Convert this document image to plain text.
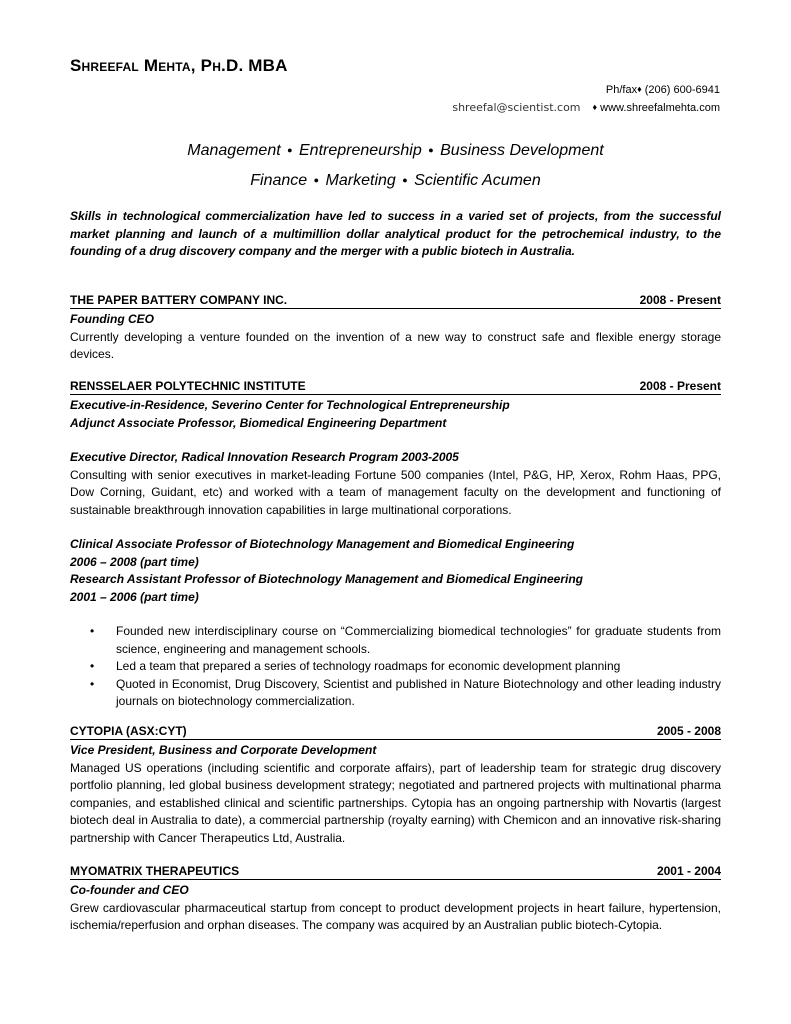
Shreefal Mehta, Ph.D. MBA
Ph/fax♦ (206) 600-6941
shreefal@scientist.com ♦ www.shreefalmehta.com
Management ● Entrepreneurship ● Business Development
Finance ● Marketing ● Scientific Acumen
Skills in technological commercialization have led to success in a varied set of projects, from the successful market planning and launch of a multimillion dollar analytical product for the petrochemical industry, to the founding of a drug discovery company and the merger with a public biotech in Australia.
THE PAPER BATTERY COMPANY INC.	2008 - Present
Founding CEO
Currently developing a venture founded on the invention of a new way to construct safe and flexible energy storage devices.
RENSSELAER POLYTECHNIC INSTITUTE	2008 - Present
Executive-in-Residence, Severino Center for Technological Entrepreneurship
Adjunct Associate Professor, Biomedical Engineering Department
Executive Director, Radical Innovation Research Program 2003-2005
Consulting with senior executives in market-leading Fortune 500 companies (Intel, P&G, HP, Xerox, Rohm Haas, PPG, Dow Corning, Guidant, etc) and worked with a team of management faculty on the development and functioning of sustainable breakthrough innovation capabilities in large multinational corporations.
Clinical Associate Professor of Biotechnology Management and Biomedical Engineering
2006 – 2008 (part time)
Research Assistant Professor of Biotechnology Management and Biomedical Engineering
2001 – 2006 (part time)
• Founded new interdisciplinary course on “Commercializing biomedical technologies” for graduate students from science, engineering and management schools.
• Led a team that prepared a series of technology roadmaps for economic development planning
• Quoted in Economist, Drug Discovery, Scientist and published in Nature Biotechnology and other leading industry journals on biotechnology commercialization.
CYTOPIA (ASX:CYT)	2005 - 2008
Vice President, Business and Corporate Development
Managed US operations (including scientific and corporate affairs), part of leadership team for strategic drug discovery portfolio planning, led global business development strategy; negotiated and partnered projects with multinational pharma companies, and established clinical and scientific partnerships. Cytopia has an ongoing partnership with Novartis (largest biotech deal in Australia to date), a commercial partnership (royalty earning) with Chemicon and an innovative risk-sharing partnership with Cancer Therapeutics Ltd, Australia.
MYOMATRIX THERAPEUTICS	2001 - 2004
Co-founder and CEO
Grew cardiovascular pharmaceutical startup from concept to product development projects in heart failure, hypertension, ischemia/reperfusion and orphan diseases. The company was acquired by an Australian public biotech-Cytopia.
